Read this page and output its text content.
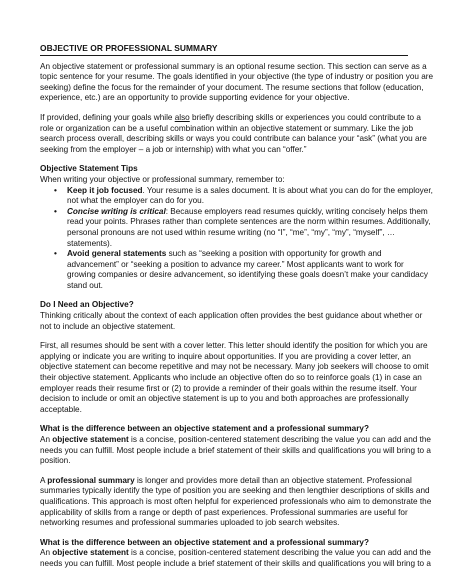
OBJECTIVE OR PROFESSIONAL SUMMARY

An objective statement or professional summary is an optional resume section. This section can serve as a topic sentence for your resume. The goals identified in your objective (the type of industry or position you are seeking) define the focus for the remainder of your document. The resume sections that follow (education, experience, etc.) are an opportunity to provide supporting evidence for your objective.

If provided, defining your goals while also briefly describing skills or experiences you could contribute to a role or organization can be a useful combination within an objective statement or summary. Like the job search process overall, describing skills or ways you could contribute can balance your “ask” (what you are seeking from the employer – a job or internship) with what you can “offer.”

Objective Statement Tips
When writing your objective or professional summary, remember to:
• Keep it job focused. Your resume is a sales document. It is about what you can do for the employer, not what the employer can do for you.
• Concise writing is critical: Because employers read resumes quickly, writing concisely helps them read your points. Phrases rather than complete sentences are the norm within resumes. Additionally, personal pronouns are not used within resume writing (no “I”, “me”, “my”, “my”, “myself”, …statements).
• Avoid general statements such as “seeking a position with opportunity for growth and advancement” or “seeking a position to advance my career.” Most applicants want to work for growing companies or desire advancement, so identifying these goals doesn’t make your candidacy stand out.
Do I Need an Objective?

Thinking critically about the context of each application often provides the best guidance about whether or not to include an objective statement.

First, all resumes should be sent with a cover letter. This letter should identify the position for which you are applying or indicate you are writing to inquire about opportunities. If you are providing a cover letter, an objective statement can become repetitive and may not be necessary. Many job seekers will choose to omit their objective statement. Applicants who include an objective often do so to reinforce goals (1) in case an employer reads their resume first or (2) to provide a reminder of their goals within the resume itself. Your decision to include or omit an objective statement is up to you and both approaches are professionally acceptable.

What is the difference between an objective statement and a professional summary?

An objective statement is a concise, position-centered statement describing the value you can add and the needs you can fulfill. Most people include a brief statement of their skills and qualifications you will bring to a position.

A professional summary is longer and provides more detail than an objective statement. Professional summaries typically identify the type of position you are seeking and then lengthier descriptions of skills and qualifications. This approach is most often helpful for experienced professionals who aim to demonstrate the applicability of skills from a range or depth of past experiences. Professional summaries are useful for networking resumes and professional summaries uploaded to job search websites.

What is the difference between an objective statement and a professional summary?

An objective statement is a concise, position-centered statement describing the value you can add and the needs you can fulfill. Most people include a brief statement of their skills and qualifications you will bring to a
